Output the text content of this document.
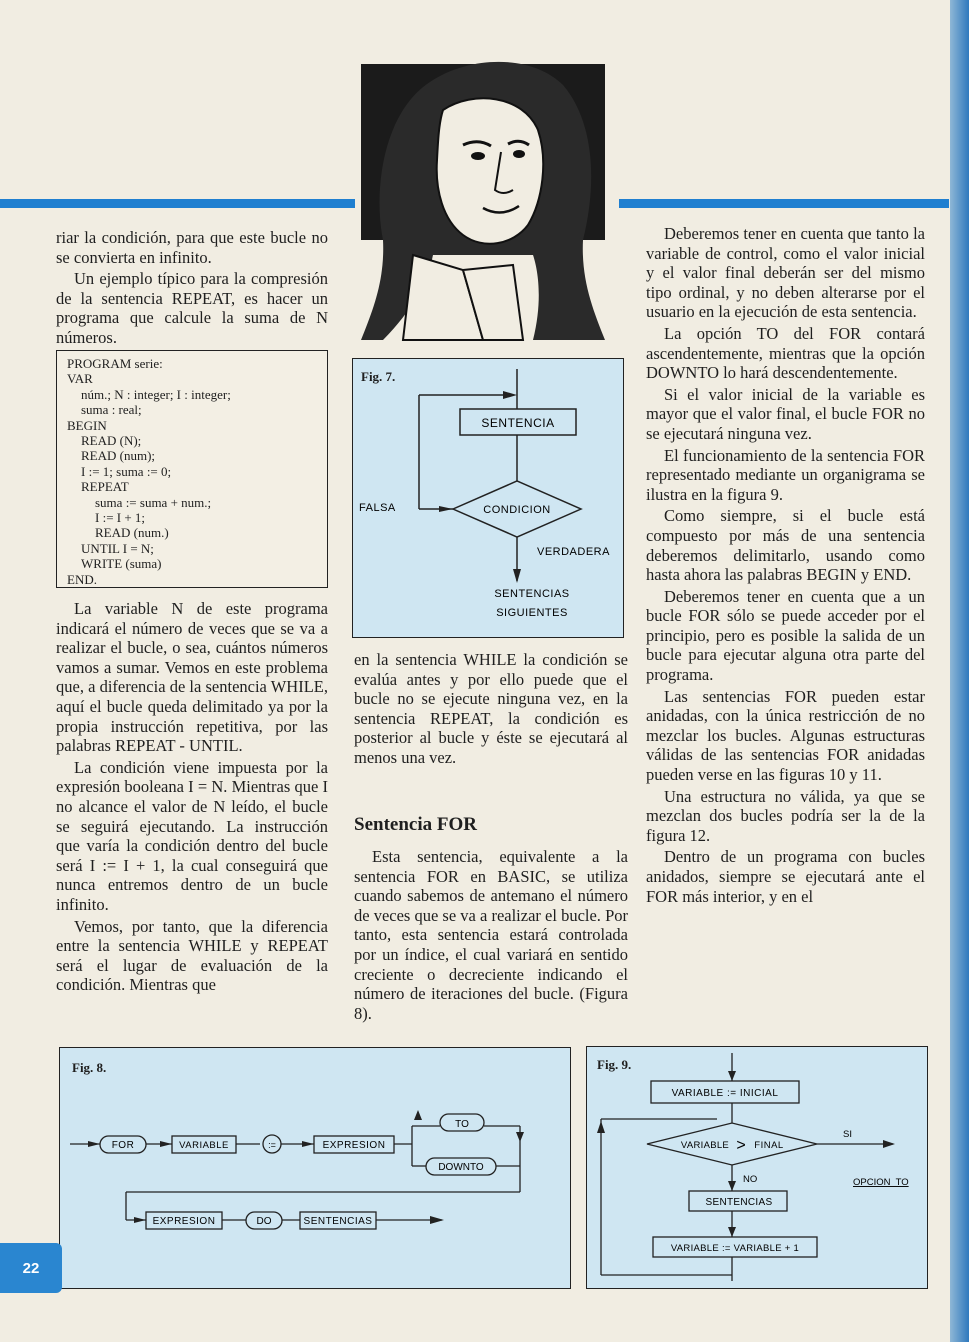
riar la condición, para que este bucle no se convierta en infinito.

Un ejemplo típico para la compresión de la sentencia REPEAT, es hacer un programa que calcule la suma de N números.

PROGRAM serie:
VAR
núm.; N : integer; I : integer;
suma : real;
BEGIN
READ (N);
READ (num);
I := 1; suma := 0;
REPEAT
suma := suma + num.;
I := I + 1;
READ (num.)
UNTIL I = N;
WRITE (suma)
END.

La variable N de este programa indicará el número de veces que se va a realizar el bucle, o sea, cuántos números vamos a sumar. Vemos en este problema que, a diferencia de la sentencia WHILE, aquí el bucle queda delimitado ya por la propia instrucción repetitiva, por las palabras REPEAT - UNTIL.

La condición viene impuesta por la expresión booleana I = N. Mientras que I no alcance el valor de N leído, el bucle se seguirá ejecutando. La instrucción que varía la condición dentro del bucle será I := I + 1, la cual conseguirá que nunca entremos dentro de un bucle infinito.

Vemos, por tanto, que la diferencia entre la sentencia WHILE y REPEAT será el lugar de evaluación de la condición. Mientras que

Fig. 7.
SENTENCIA
CONDICION
FALSA
VERDADERA
SENTENCIAS
SIGUIENTES

en la sentencia WHILE la condición se evalúa antes y por ello puede que el bucle no se ejecute ninguna vez, en la sentencia REPEAT, la condición es posterior al bucle y éste se ejecutará al menos una vez.

Sentencia FOR

Esta sentencia, equivalente a la sentencia FOR en BASIC, se utiliza cuando sabemos de antemano el número de veces que se va a realizar el bucle. Por tanto, esta sentencia estará controlada por un índice, el cual variará en sentido creciente o decreciente indicando el número de iteraciones del bucle. (Figura 8).

Deberemos tener en cuenta que tanto la variable de control, como el valor inicial y el valor final deberán ser del mismo tipo ordinal, y no deben alterarse por el usuario en la ejecución de esta sentencia.

La opción TO del FOR contará ascendentemente, mientras que la opción DOWNTO lo hará descendentemente.

Si el valor inicial de la variable es mayor que el valor final, el bucle FOR no se ejecutará ninguna vez.

El funcionamiento de la sentencia FOR representado mediante un organigrama se ilustra en la figura 9.

Como siempre, si el bucle está compuesto por más de una sentencia deberemos delimitarlo, usando como hasta ahora las palabras BEGIN y END.

Deberemos tener en cuenta que a un bucle FOR sólo se puede acceder por el principio, pero es posible la salida de un bucle para ejecutar alguna otra parte del programa.

Las sentencias FOR pueden estar anidadas, con la única restricción de no mezclar los bucles. Algunas estructuras válidas de las sentencias FOR anidadas pueden verse en las figuras 10 y 11.

Una estructura no válida, ya que se mezclan dos bucles podría ser la de la figura 12.

Dentro de un programa con bucles anidados, siempre se ejecutará ante el FOR más interior, y en el

Fig. 8.
FOR	VARIABLE	:=	EXPRESION
TO
DOWNTO
EXPRESION	DO	SENTENCIAS
Fig. 9.
VARIABLE := INICIAL
VARIABLE > FINAL
SI
NO
SENTENCIAS
VARIABLE := VARIABLE + 1
OPCION  TO
22
